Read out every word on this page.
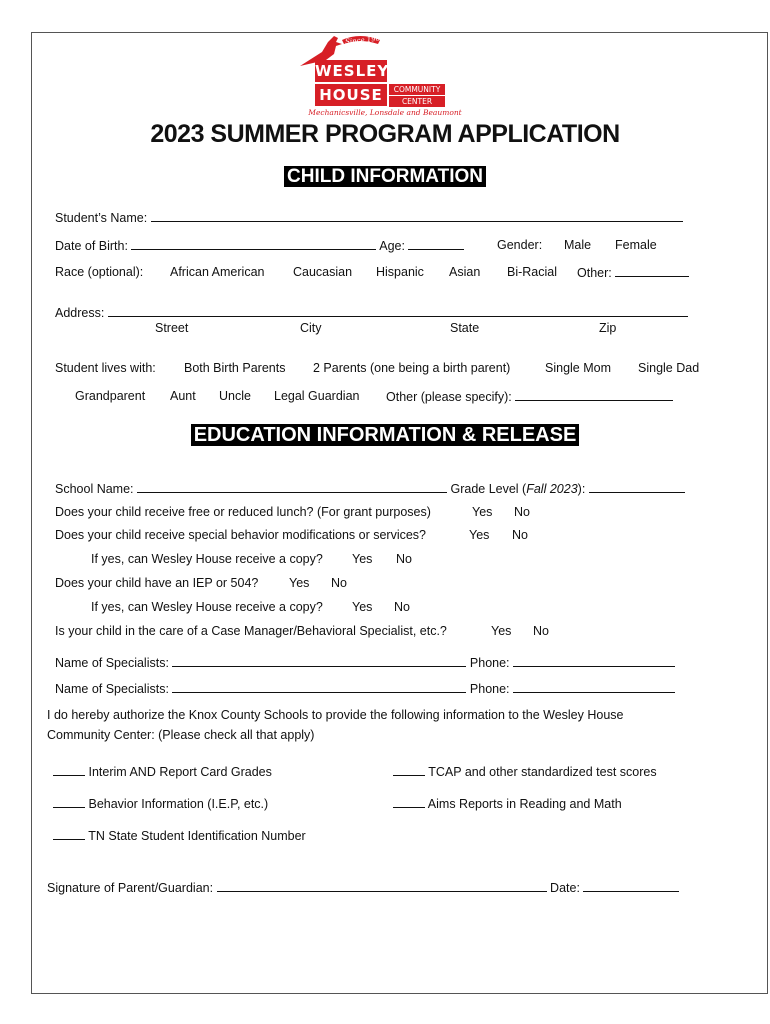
Since 1901
WESLEY
HOUSE	COMMUNITY
CENTER
Mechanicsville, Lonsdale and Beaumont
2023 SUMMER PROGRAM APPLICATION
CHILD INFORMATION
Student’s Name:
Date of Birth:	Age:	Gender: Male Female
Race (optional): African American Caucasian Hispanic Asian Bi-Racial Other:
Address:
Street	City	State	Zip
Student lives with: Both Birth Parents 2 Parents (one being a birth parent)	Single Mom Single Dad
Grandparent Aunt Uncle Legal Guardian Other (please specify):
EDUCATION INFORMATION & RELEASE
School Name:	Grade Level (Fall 2023):
Does your child receive free or reduced lunch? (For grant purposes)	Yes No
Does your child receive special behavior modifications or services?	Yes No
If yes, can Wesley House receive a copy? Yes No
Does your child have an IEP or 504? Yes No
If yes, can Wesley House receive a copy? Yes No
Is your child in the care of a Case Manager/Behavioral Specialist, etc.?	Yes No
Name of Specialists:	Phone:
Name of Specialists:	Phone:
I do hereby authorize the Knox County Schools to provide the following information to the Wesley House
Community Center: (Please check all that apply)
Interim AND Report Card Grades	TCAP and other standardized test scores
Behavior Information (I.E.P, etc.)	Aims Reports in Reading and Math
TN State Student Identification Number
Signature of Parent/Guardian:	Date:
